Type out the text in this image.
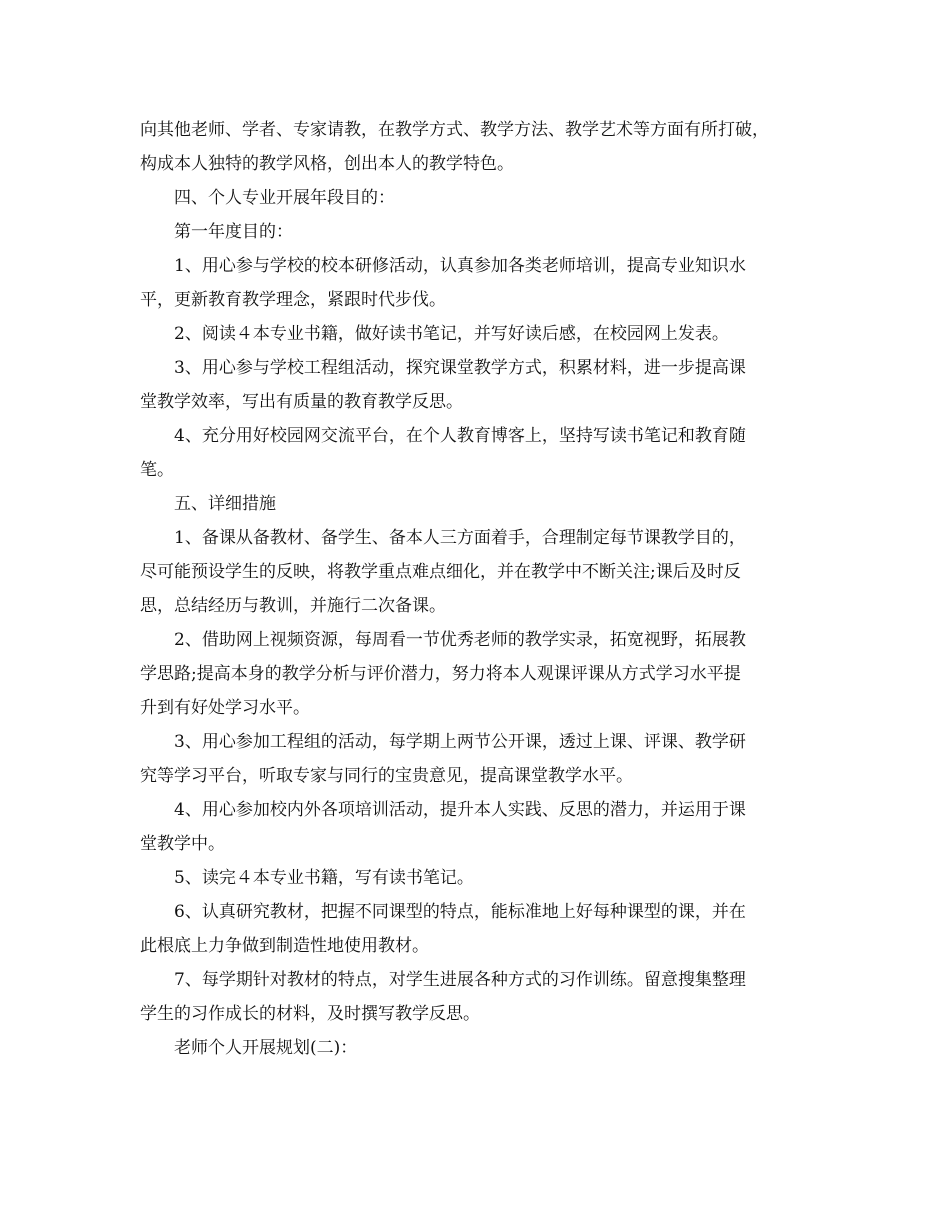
向其他老师、学者、专家请教，在教学方式、教学方法、教学艺术等方面有所打破，
构成本人独特的教学风格，创出本人的教学特色。
四、个人专业开展年段目的：
第一年度目的：
1、用心参与学校的校本研修活动，认真参加各类老师培训，提高专业知识水
平，更新教育教学理念，紧跟时代步伐。
2、阅读４本专业书籍，做好读书笔记，并写好读后感，在校园网上发表。
3、用心参与学校工程组活动，探究课堂教学方式，积累材料，进一步提高课
堂教学效率，写出有质量的教育教学反思。
4、充分用好校园网交流平台，在个人教育博客上，坚持写读书笔记和教育随
笔。
五、详细措施
1、备课从备教材、备学生、备本人三方面着手，合理制定每节课教学目的，
尽可能预设学生的反映，将教学重点难点细化，并在教学中不断关注;课后及时反
思，总结经历与教训，并施行二次备课。
2、借助网上视频资源，每周看一节优秀老师的教学实录，拓宽视野，拓展教
学思路;提高本身的教学分析与评价潜力，努力将本人观课评课从方式学习水平提
升到有好处学习水平。
3、用心参加工程组的活动，每学期上两节公开课，透过上课、评课、教学研
究等学习平台，听取专家与同行的宝贵意见，提高课堂教学水平。
4、用心参加校内外各项培训活动，提升本人实践、反思的潜力，并运用于课
堂教学中。
5、读完４本专业书籍，写有读书笔记。
6、认真研究教材，把握不同课型的特点，能标准地上好每种课型的课，并在
此根底上力争做到制造性地使用教材。
7、每学期针对教材的特点，对学生进展各种方式的习作训练。留意搜集整理
学生的习作成长的材料，及时撰写教学反思。
老师个人开展规划(二)：
